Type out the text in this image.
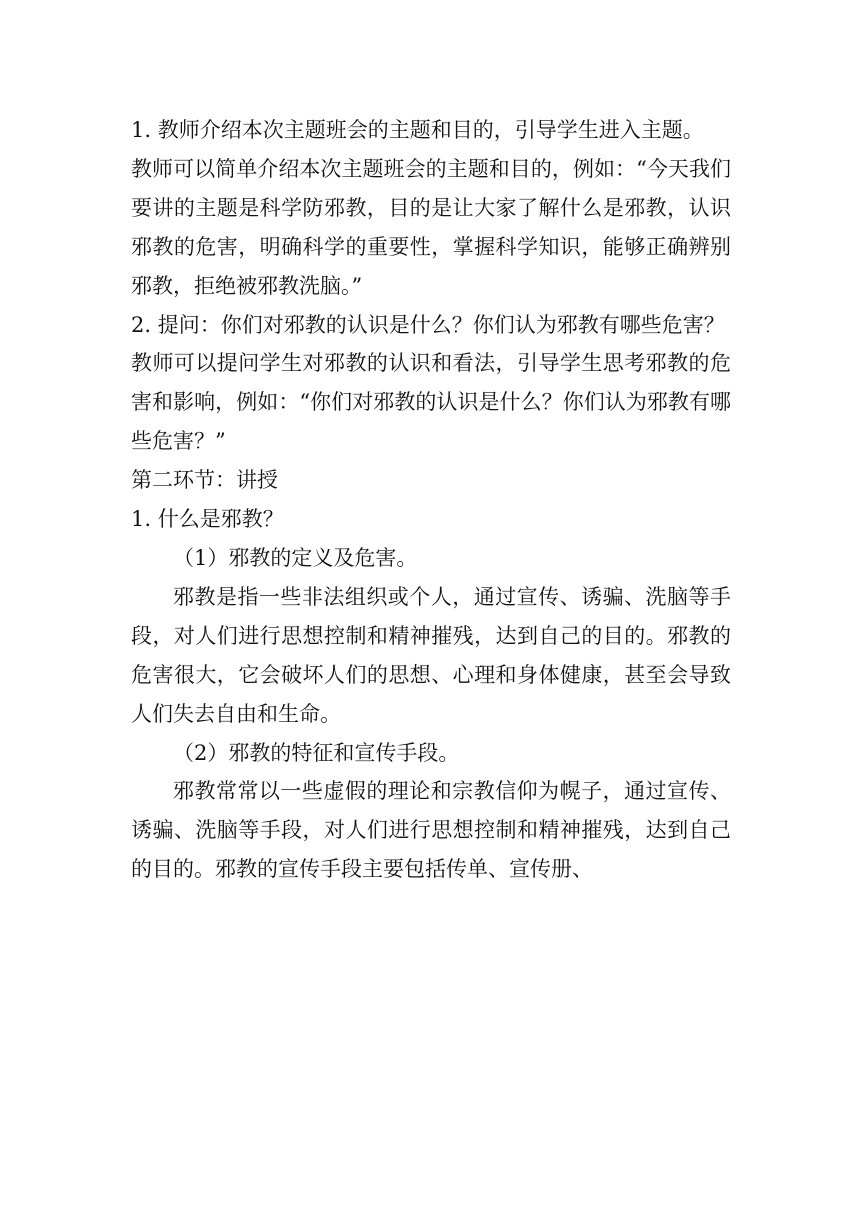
1. 教师介绍本次主题班会的主题和目的，引导学生进入主题。

教师可以简单介绍本次主题班会的主题和目的，例如：“今天我们要讲的主题是科学防邪教，目的是让大家了解什么是邪教，认识邪教的危害，明确科学的重要性，掌握科学知识，能够正确辨别邪教，拒绝被邪教洗脑。”

2. 提问：你们对邪教的认识是什么？你们认为邪教有哪些危害？

教师可以提问学生对邪教的认识和看法，引导学生思考邪教的危害和影响，例如：“你们对邪教的认识是什么？你们认为邪教有哪些危害？”

第二环节：讲授

1. 什么是邪教？

（1）邪教的定义及危害。

邪教是指一些非法组织或个人，通过宣传、诱骗、洗脑等手段，对人们进行思想控制和精神摧残，达到自己的目的。邪教的危害很大，它会破坏人们的思想、心理和身体健康，甚至会导致人们失去自由和生命。

（2）邪教的特征和宣传手段。

邪教常常以一些虚假的理论和宗教信仰为幌子，通过宣传、诱骗、洗脑等手段，对人们进行思想控制和精神摧残，达到自己的目的。邪教的宣传手段主要包括传单、宣传册、
